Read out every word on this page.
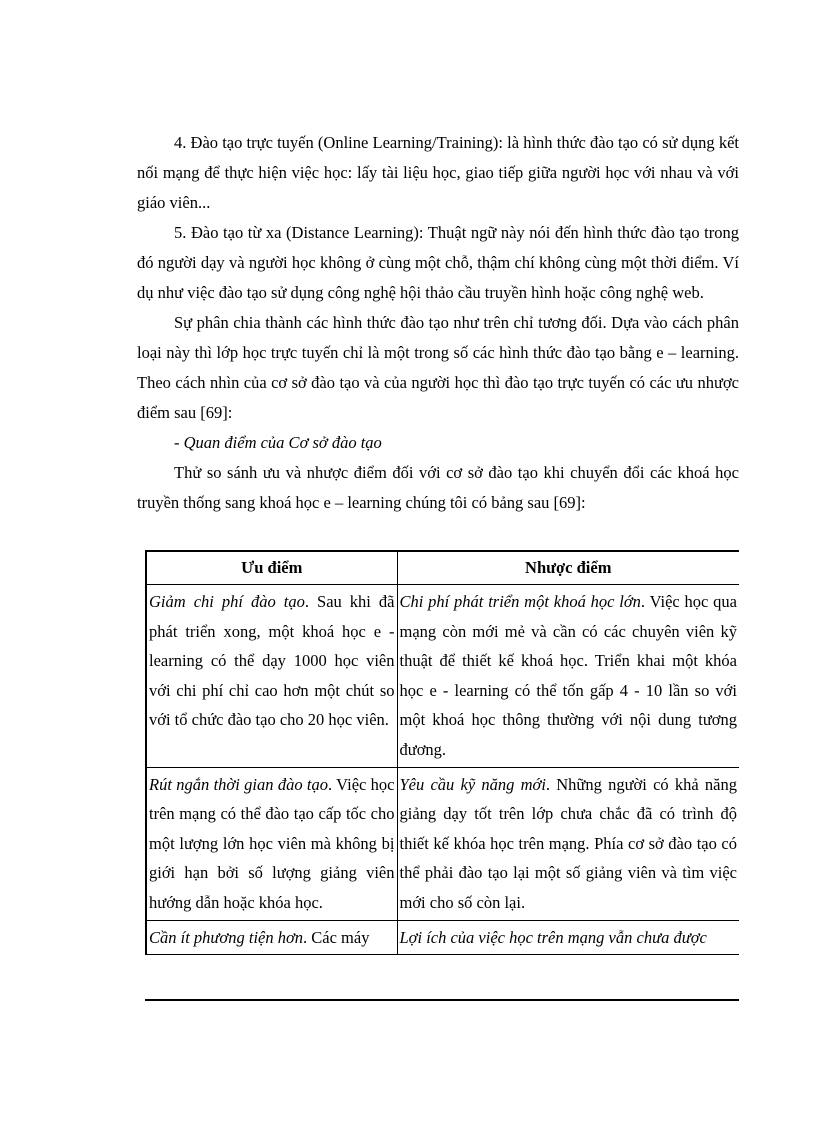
4. Đào tạo trực tuyến (Online Learning/Training): là hình thức đào tạo có sử dụng kết nối mạng để thực hiện việc học: lấy tài liệu học, giao tiếp giữa người học với nhau và với giáo viên...

5. Đào tạo từ xa (Distance Learning): Thuật ngữ này nói đến hình thức đào tạo trong đó người dạy và người học không ở cùng một chỗ, thậm chí không cùng một thời điểm. Ví dụ như việc đào tạo sử dụng công nghệ hội thảo cầu truyền hình hoặc công nghệ web.

Sự phân chia thành các hình thức đào tạo như trên chỉ tương đối. Dựa vào cách phân loại này thì lớp học trực tuyến chỉ là một trong số các hình thức đào tạo bằng e – learning. Theo cách nhìn của cơ sở đào tạo và của người học thì đào tạo trực tuyến có các ưu nhược điểm sau [69]:

- Quan điểm của Cơ sở đào tạo

Thử so sánh ưu và nhược điểm đối với cơ sở đào tạo khi chuyển đổi các khoá học truyền thống sang khoá học e – learning chúng tôi có bảng sau [69]:

Ưu điểm	Nhược điểm
Giảm chi phí đào tạo. Sau khi đã phát triển xong, một khoá học e - learning có thể dạy 1000 học viên với chi phí chỉ cao hơn một chút so với tổ chức đào tạo cho 20 học viên.	Chi phí phát triển một khoá học lớn. Việc học qua mạng còn mới mẻ và cần có các chuyên viên kỹ thuật để thiết kế khoá học. Triển khai một khóa học e - learning có thể tốn gấp 4 - 10 lần so với một khoá học thông thường với nội dung tương đương.
Rút ngắn thời gian đào tạo. Việc học trên mạng có thể đào tạo cấp tốc cho một lượng lớn học viên mà không bị giới hạn bởi số lượng giảng viên hướng dẫn hoặc khóa học.	Yêu cầu kỹ năng mới. Những người có khả năng giảng dạy tốt trên lớp chưa chắc đã có trình độ thiết kế khóa học trên mạng. Phía cơ sở đào tạo có thể phải đào tạo lại một số giảng viên và tìm việc mới cho số còn lại.
Cần ít phương tiện hơn. Các máy	Lợi ích của việc học trên mạng vẫn chưa được
